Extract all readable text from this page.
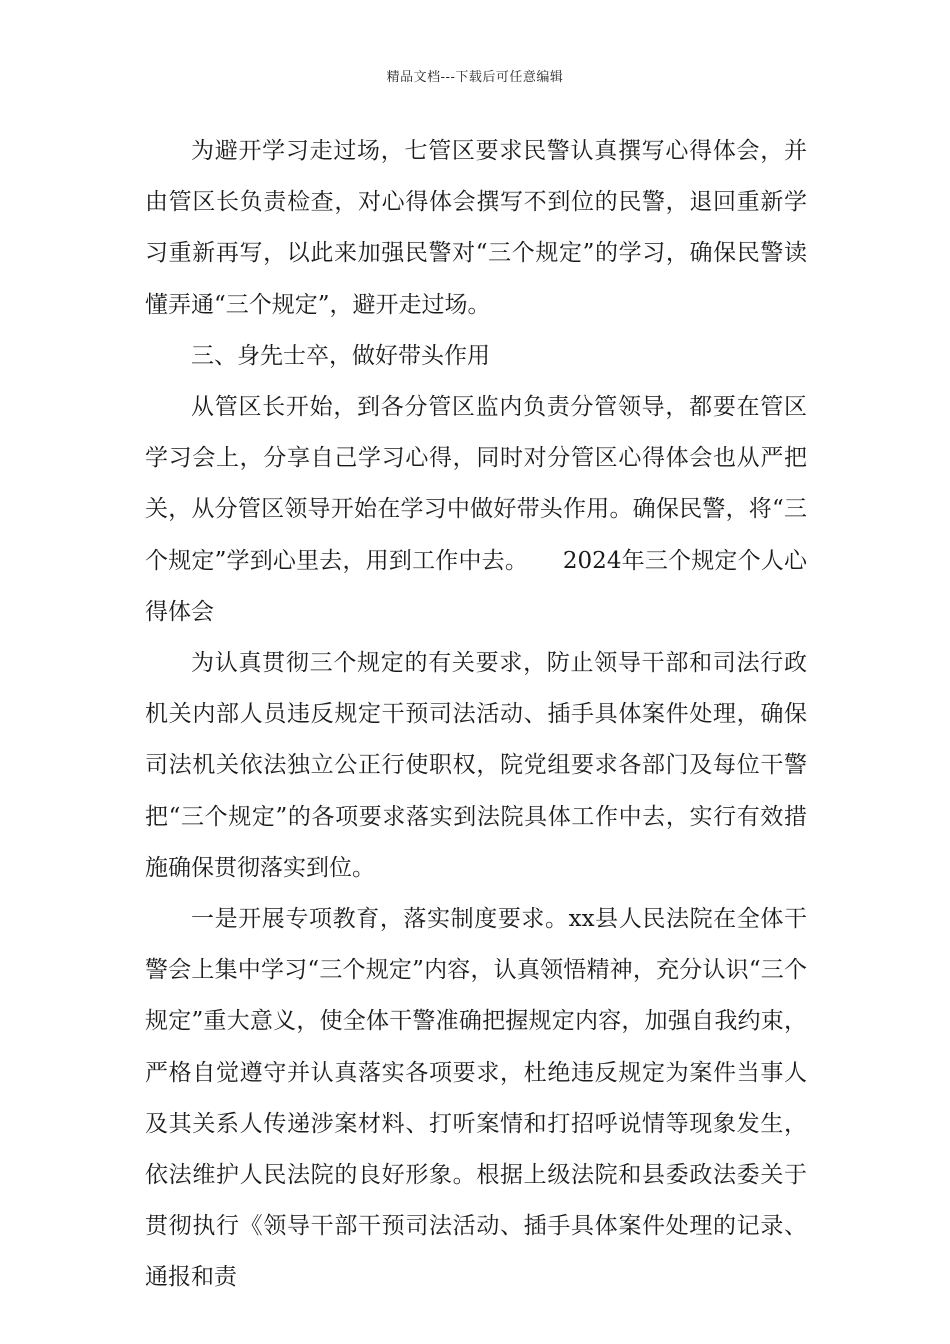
精品文档---下载后可任意编辑

为避开学习走过场，七管区要求民警认真撰写心得体会，并由管区长负责检查，对心得体会撰写不到位的民警，退回重新学习重新再写，以此来加强民警对“三个规定”的学习，确保民警读懂弄通“三个规定”，避开走过场。

三、身先士卒，做好带头作用

从管区长开始，到各分管区监内负责分管领导，都要在管区学习会上，分享自己学习心得，同时对分管区心得体会也从严把关，从分管区领导开始在学习中做好带头作用。确保民警，将“三个规定”学到心里去，用到工作中去。　　2024年三个规定个人心得体会

为认真贯彻三个规定的有关要求，防止领导干部和司法行政机关内部人员违反规定干预司法活动、插手具体案件处理，确保司法机关依法独立公正行使职权，院党组要求各部门及每位干警把“三个规定”的各项要求落实到法院具体工作中去，实行有效措施确保贯彻落实到位。

一是开展专项教育，落实制度要求。xx县人民法院在全体干警会上集中学习“三个规定”内容，认真领悟精神，充分认识“三个规定”重大意义，使全体干警准确把握规定内容，加强自我约束，严格自觉遵守并认真落实各项要求，杜绝违反规定为案件当事人及其关系人传递涉案材料、打听案情和打招呼说情等现象发生，依法维护人民法院的良好形象。根据上级法院和县委政法委关于贯彻执行《领导干部干预司法活动、插手具体案件处理的记录、通报和责
